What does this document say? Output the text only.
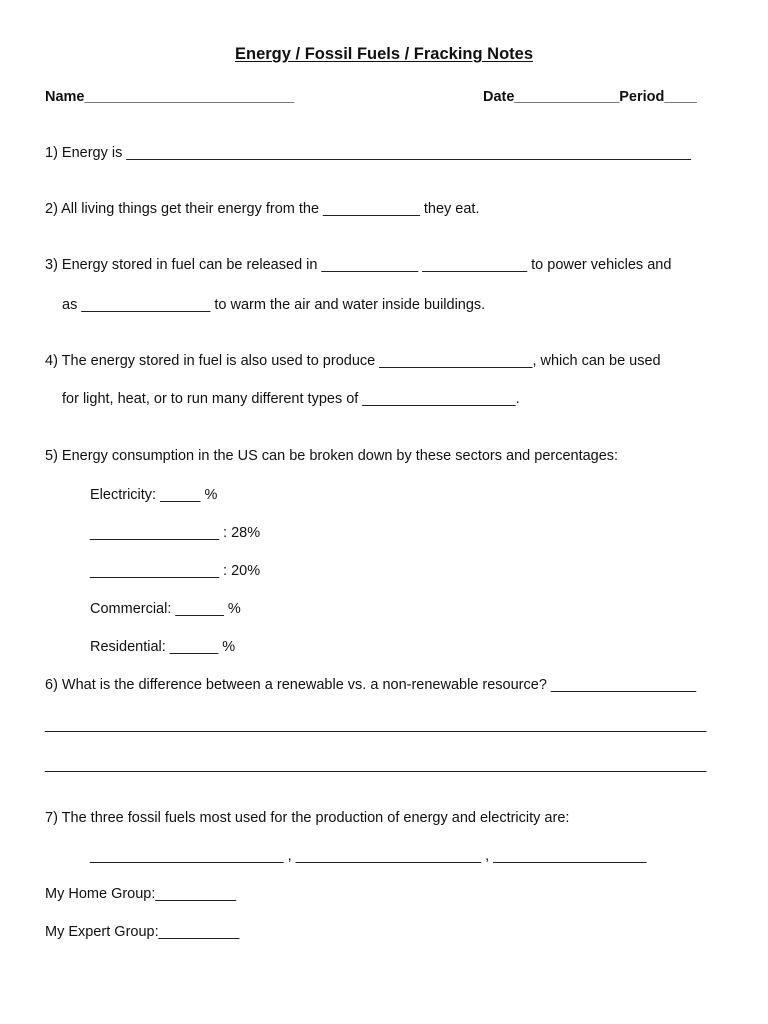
Energy / Fossil Fuels / Fracking Notes
Name__________________________	Date_____________Period____
1) Energy is ______________________________________________________________________
2) All living things get their energy from the ____________ they eat.
3) Energy stored in fuel can be released in ____________ _____________ to power vehicles and
as ________________ to warm the air and water inside buildings.
4) The energy stored in fuel is also used to produce ___________________, which can be used
for light, heat, or to run many different types of ___________________.
5) Energy consumption in the US can be broken down by these sectors and percentages:
Electricity: _____ %
________________ : 28%
________________ : 20%
Commercial: ______ %
Residential: ______ %
6) What is the difference between a renewable vs. a non-renewable resource? __________________
__________________________________________________________________________________
__________________________________________________________________________________
7) The three fossil fuels most used for the production of energy and electricity are:
________________________ , _______________________ , ___________________
My Home Group:__________
My Expert Group:__________
